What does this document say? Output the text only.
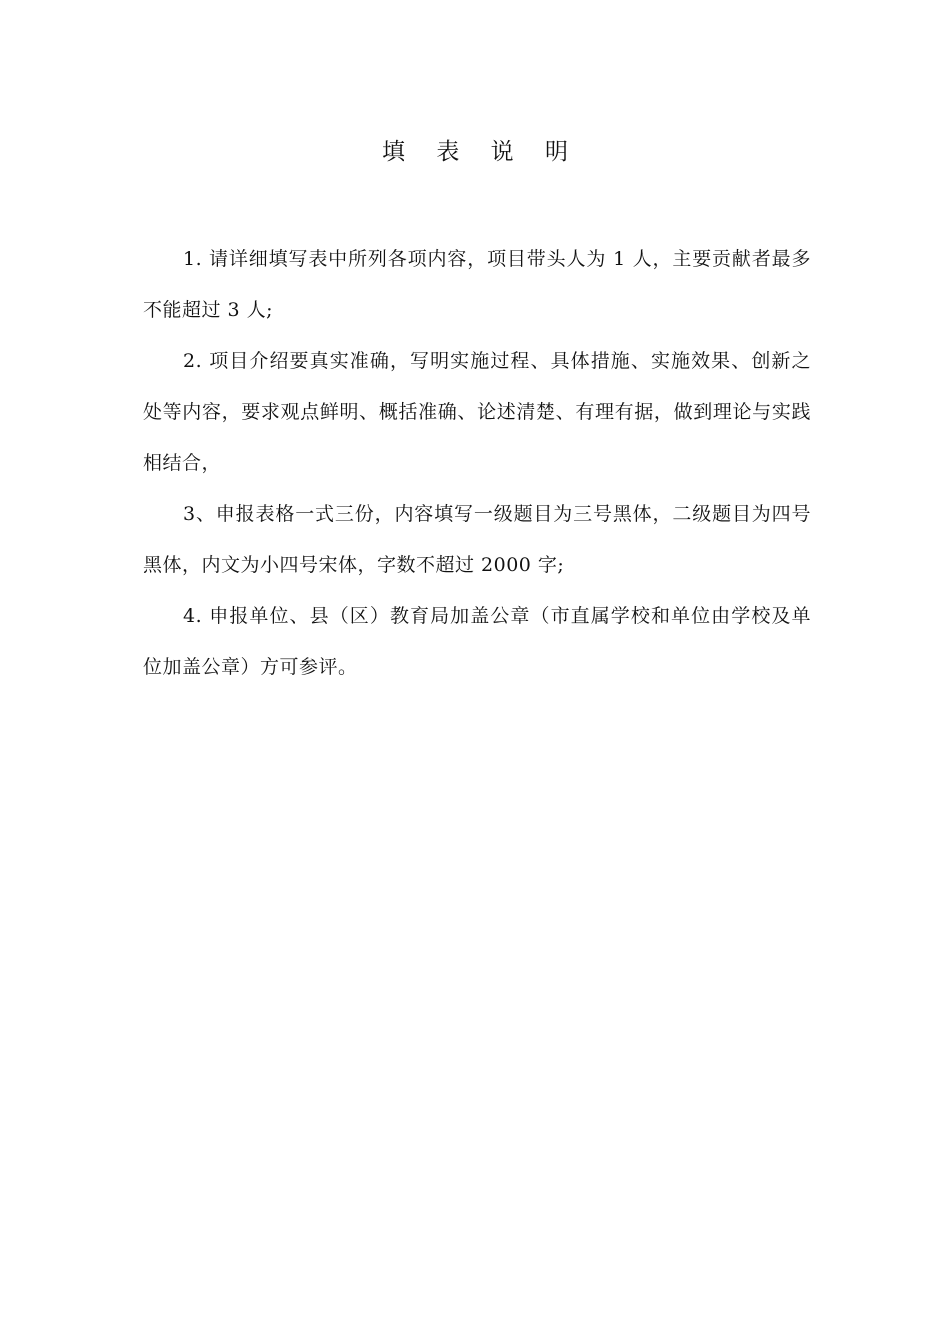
填 表 说 明

1. 请详细填写表中所列各项内容，项目带头人为 1 人，主要贡献者最多不能超过 3 人;

2. 项目介绍要真实准确，写明实施过程、具体措施、实施效果、创新之处等内容，要求观点鲜明、概括准确、论述清楚、有理有据，做到理论与实践相结合，

3、申报表格一式三份，内容填写一级题目为三号黑体，二级题目为四号黑体，内文为小四号宋体，字数不超过 2000 字;

4. 申报单位、县（区）教育局加盖公章（市直属学校和单位由学校及单位加盖公章）方可参评。
